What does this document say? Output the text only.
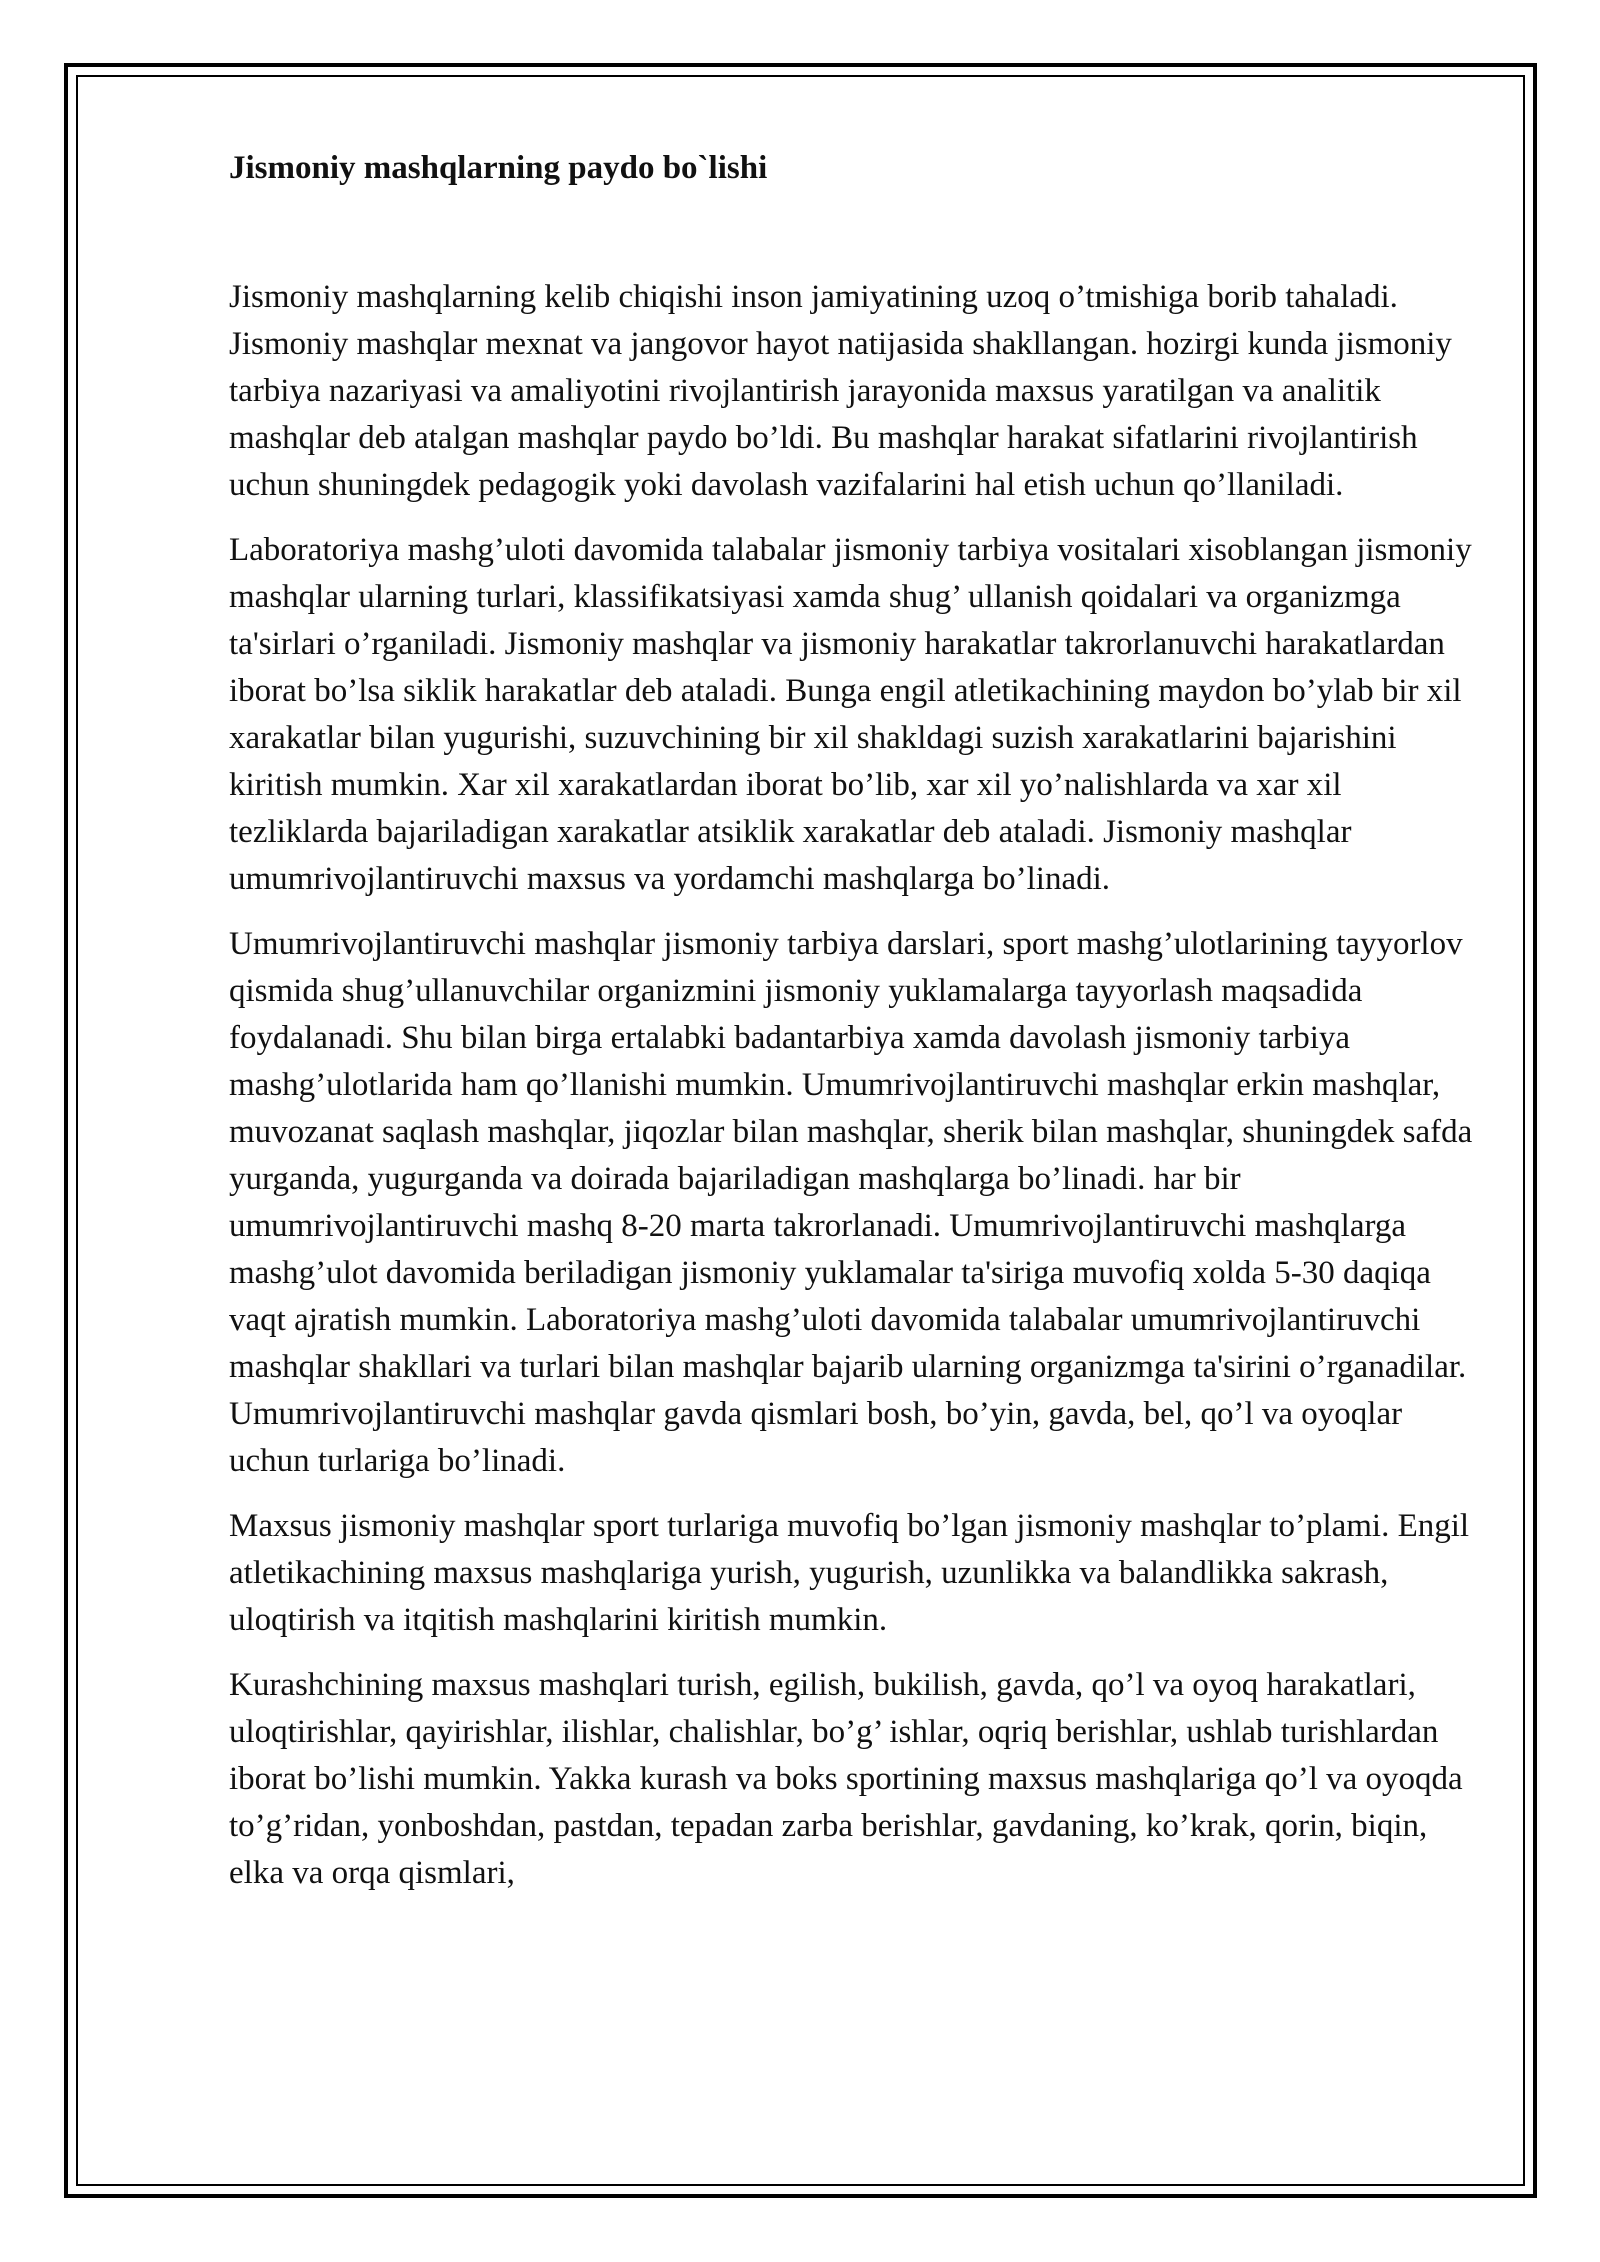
Jismoniy mashqlarning paydo bo`lishi

Jismoniy mashqlarning kelib chiqishi inson jamiyatining uzoq o’tmishiga borib tahaladi. Jismoniy mashqlar mexnat va jangovor hayot natijasida shakllangan. hozirgi kunda jismoniy tarbiya nazariyasi va amaliyotini rivojlantirish jarayonida maxsus yaratilgan va analitik mashqlar deb atalgan mashqlar paydo bo’ldi. Bu mashqlar harakat sifatlarini rivojlantirish uchun shuningdek pedagogik yoki davolash vazifalarini hal etish uchun qo’llaniladi.

Laboratoriya mashg’uloti davomida talabalar jismoniy tarbiya vositalari xisoblangan jismoniy mashqlar ularning turlari, klassifikatsiyasi xamda shug’ ullanish qoidalari va organizmga ta'sirlari o’rganiladi. Jismoniy mashqlar va jismoniy harakatlar takrorlanuvchi harakatlardan iborat bo’lsa siklik harakatlar deb ataladi. Bunga engil atletikachining maydon bo’ylab bir xil xarakatlar bilan yugurishi, suzuvchining bir xil shakldagi suzish xarakatlarini bajarishini kiritish mumkin. Xar xil xarakatlardan iborat bo’lib, xar xil yo’nalishlarda va xar xil tezliklarda bajariladigan xarakatlar atsiklik xarakatlar deb ataladi. Jismoniy mashqlar umumrivojlantiruvchi maxsus va yordamchi mashqlarga bo’linadi.

Umumrivojlantiruvchi mashqlar jismoniy tarbiya darslari, sport mashg’ulotlarining tayyorlov qismida shug’ullanuvchilar organizmini jismoniy yuklamalarga tayyorlash maqsadida foydalanadi. Shu bilan birga ertalabki badantarbiya xamda davolash jismoniy tarbiya mashg’ulotlarida ham qo’llanishi mumkin. Umumrivojlantiruvchi mashqlar erkin mashqlar, muvozanat saqlash mashqlar, jiqozlar bilan mashqlar, sherik bilan mashqlar, shuningdek safda yurganda, yugurganda va doirada bajariladigan mashqlarga bo’linadi. har bir umumrivojlantiruvchi mashq 8-20 marta takrorlanadi. Umumrivojlantiruvchi mashqlarga mashg’ulot davomida beriladigan jismoniy yuklamalar ta'siriga muvofiq xolda 5-30 daqiqa vaqt ajratish mumkin. Laboratoriya mashg’uloti davomida talabalar umumrivojlantiruvchi mashqlar shakllari va turlari bilan mashqlar bajarib ularning organizmga ta'sirini o’rganadilar. Umumrivojlantiruvchi mashqlar gavda qismlari bosh, bo’yin, gavda, bel, qo’l va oyoqlar uchun turlariga bo’linadi.

Maxsus jismoniy mashqlar sport turlariga muvofiq bo’lgan jismoniy mashqlar to’plami. Engil atletikachining maxsus mashqlariga yurish, yugurish, uzunlikka va balandlikka sakrash, uloqtirish va itqitish mashqlarini kiritish mumkin.

Kurashchining maxsus mashqlari turish, egilish, bukilish, gavda, qo’l va oyoq harakatlari, uloqtirishlar, qayirishlar, ilishlar, chalishlar, bo’g’ ishlar, oqriq berishlar, ushlab turishlardan iborat bo’lishi mumkin. Yakka kurash va boks sportining maxsus mashqlariga qo’l va oyoqda to’g’ridan, yonboshdan, pastdan, tepadan zarba berishlar, gavdaning, ko’krak, qorin, biqin, elka va orqa qismlari,
